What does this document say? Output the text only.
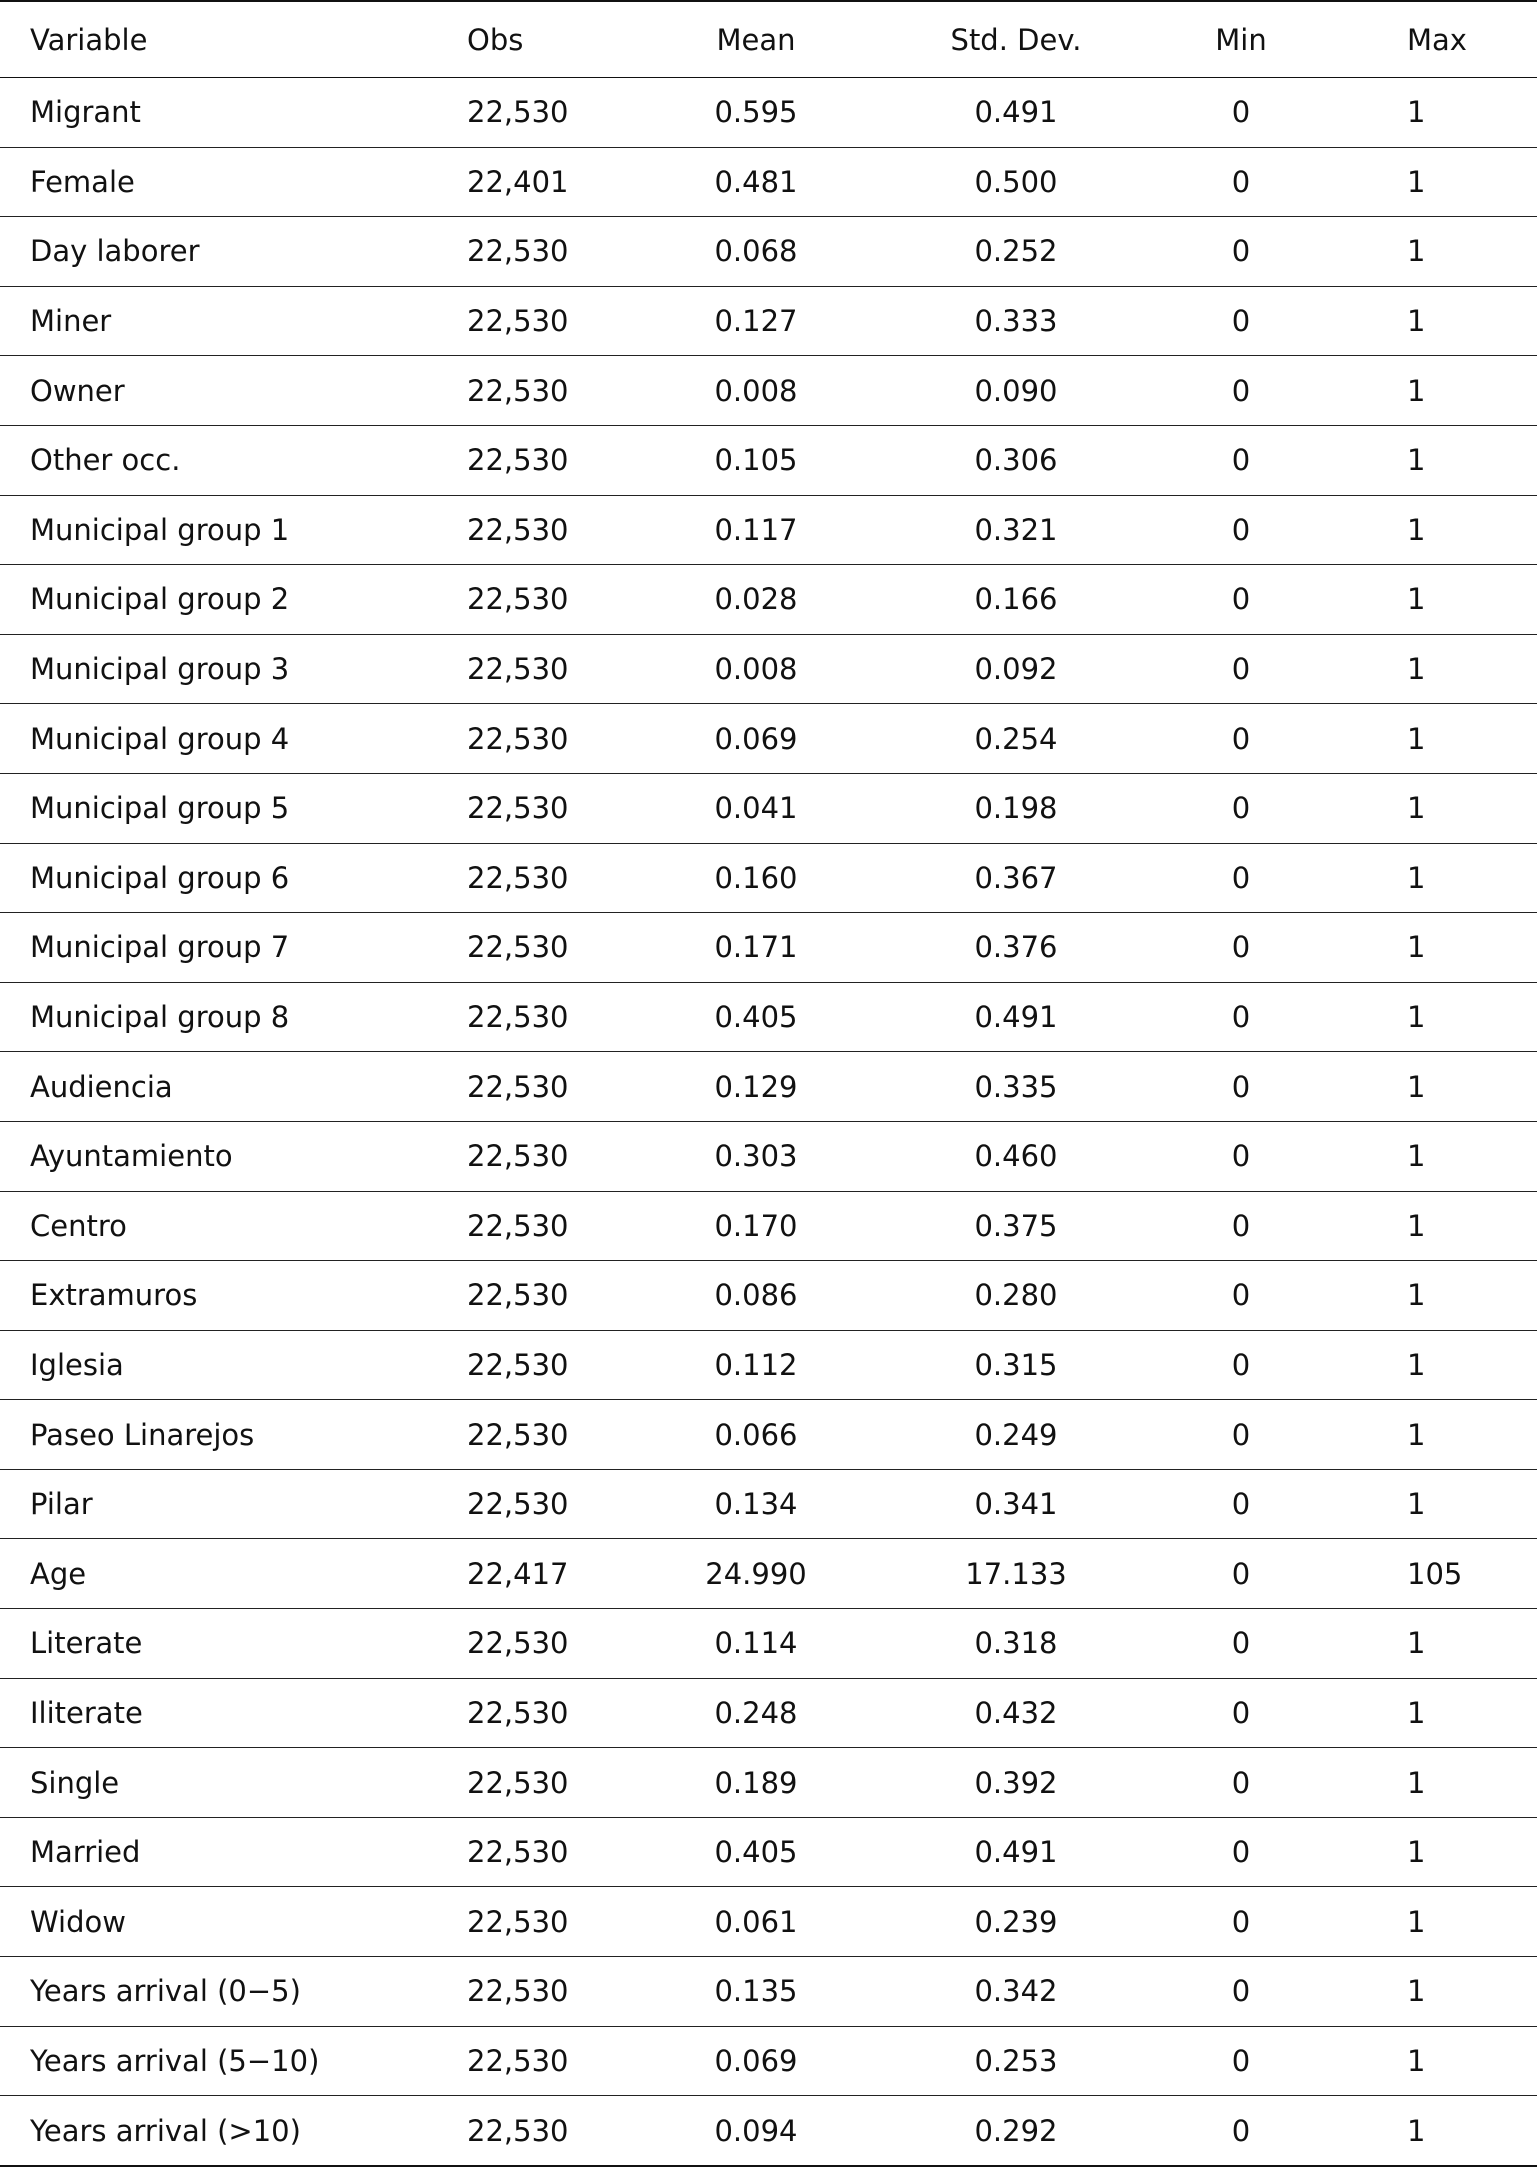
Variable	Obs	Mean	Std. Dev.	Min	Max
Migrant	22,530	0.595	0.491	0	1
Female	22,401	0.481	0.500	0	1
Day laborer	22,530	0.068	0.252	0	1
Miner	22,530	0.127	0.333	0	1
Owner	22,530	0.008	0.090	0	1
Other occ.	22,530	0.105	0.306	0	1
Municipal group 1	22,530	0.117	0.321	0	1
Municipal group 2	22,530	0.028	0.166	0	1
Municipal group 3	22,530	0.008	0.092	0	1
Municipal group 4	22,530	0.069	0.254	0	1
Municipal group 5	22,530	0.041	0.198	0	1
Municipal group 6	22,530	0.160	0.367	0	1
Municipal group 7	22,530	0.171	0.376	0	1
Municipal group 8	22,530	0.405	0.491	0	1
Audiencia	22,530	0.129	0.335	0	1
Ayuntamiento	22,530	0.303	0.460	0	1
Centro	22,530	0.170	0.375	0	1
Extramuros	22,530	0.086	0.280	0	1
Iglesia	22,530	0.112	0.315	0	1
Paseo Linarejos	22,530	0.066	0.249	0	1
Pilar	22,530	0.134	0.341	0	1
Age	22,417	24.990	17.133	0	105
Literate	22,530	0.114	0.318	0	1
Iliterate	22,530	0.248	0.432	0	1
Single	22,530	0.189	0.392	0	1
Married	22,530	0.405	0.491	0	1
Widow	22,530	0.061	0.239	0	1
Years arrival (0−5)	22,530	0.135	0.342	0	1
Years arrival (5−10)	22,530	0.069	0.253	0	1
Years arrival (>10)	22,530	0.094	0.292	0	1
